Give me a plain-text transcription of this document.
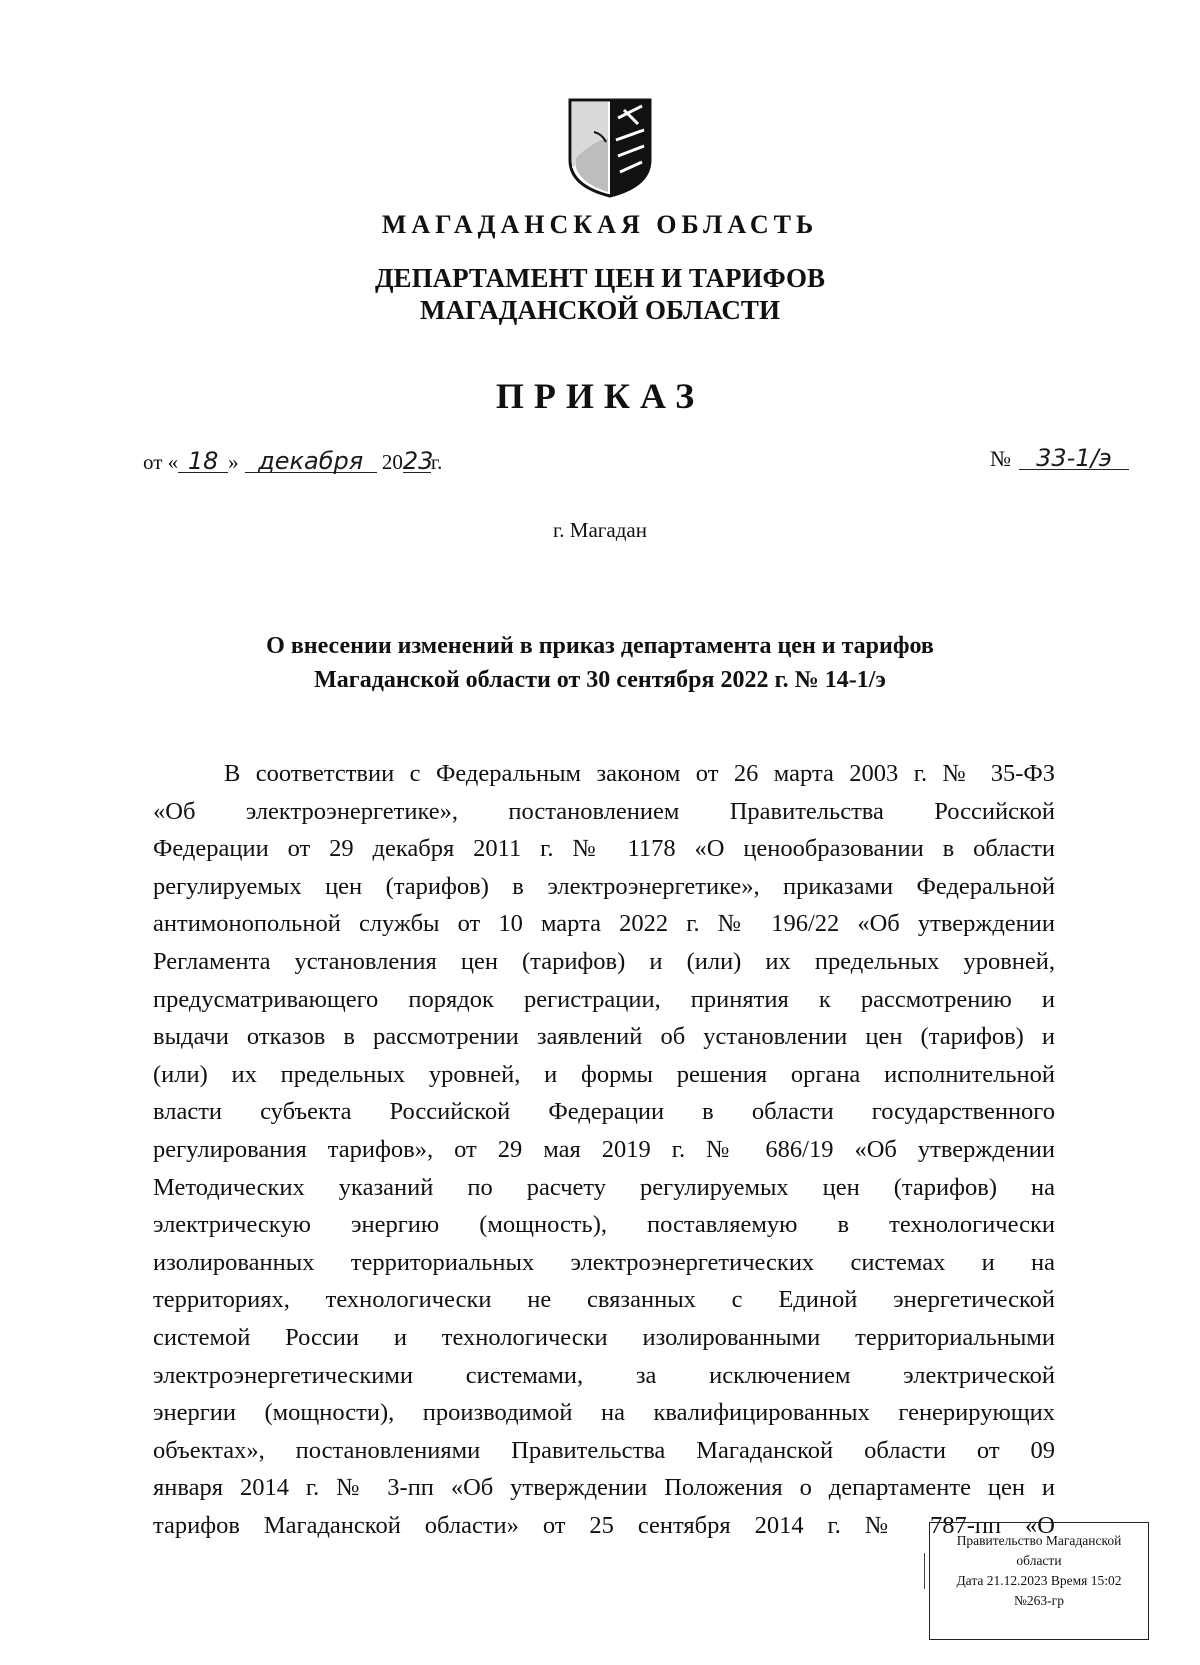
МАГАДАНСКАЯ ОБЛАСТЬ
ДЕПАРТАМЕНТ ЦЕН И ТАРИФОВ
МАГАДАНСКОЙ ОБЛАСТИ
ПРИКАЗ
от « 18 » декабря 2023г.	№ 33-1/э
г. Магадан
О внесении изменений в приказ департамента цен и тарифов
Магаданской области от 30 сентября 2022 г. № 14-1/э
В соответствии с Федеральным законом от 26 марта 2003 г. № 35-ФЗ
«Об электроэнергетике», постановлением Правительства Российской
Федерации от 29 декабря 2011 г. № 1178 «О ценообразовании в области
регулируемых цен (тарифов) в электроэнергетике», приказами Федеральной
антимонопольной службы от 10 марта 2022 г. № 196/22 «Об утверждении
Регламента установления цен (тарифов) и (или) их предельных уровней,
предусматривающего порядок регистрации, принятия к рассмотрению и
выдачи отказов в рассмотрении заявлений об установлении цен (тарифов) и
(или) их предельных уровней, и формы решения органа исполнительной
власти субъекта Российской Федерации в области государственного
регулирования тарифов», от 29 мая 2019 г. № 686/19 «Об утверждении
Методических указаний по расчету регулируемых цен (тарифов) на
электрическую энергию (мощность), поставляемую в технологически
изолированных территориальных электроэнергетических системах и на
территориях, технологически не связанных с Единой энергетической
системой России и технологически изолированными территориальными
электроэнергетическими системами, за исключением электрической
энергии (мощности), производимой на квалифицированных генерирующих
объектах», постановлениями Правительства Магаданской области от 09
января 2014 г. № 3-пп «Об утверждении Положения о департаменте цен и
тарифов Магаданской области» от 25 сентября 2014 г. № 787-пп «О
Правительство Магаданской
области
Дата 21.12.2023 Время 15:02
№263-гр
